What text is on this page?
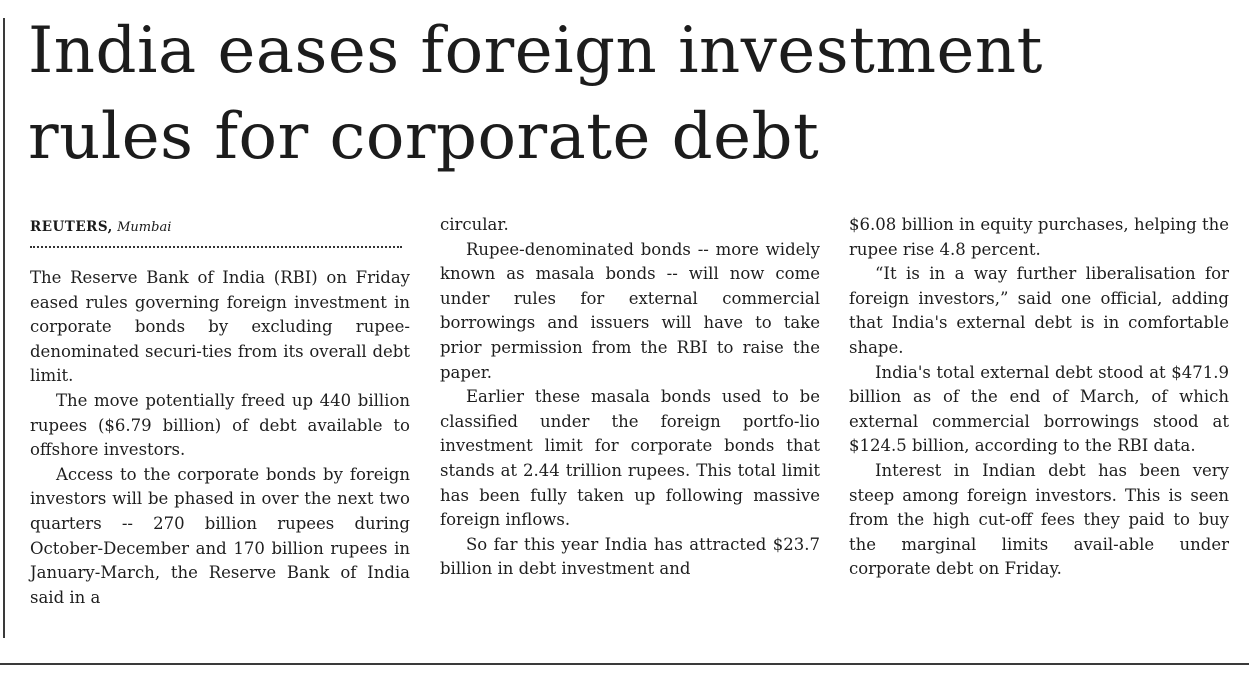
India eases foreign investment
rules for corporate debt
REUTERS, Mumbai

The Reserve Bank of India (RBI) on Friday eased rules governing foreign investment in corporate bonds by excluding rupee-denominated securi-ties from its overall debt limit.

The move potentially freed up 440 billion rupees ($6.79 billion) of debt available to offshore investors.

Access to the corporate bonds by foreign investors will be phased in over the next two quarters -- 270 billion rupees during October-December and 170 billion rupees in January-March, the Reserve Bank of India said in a

circular.

Rupee-denominated bonds -- more widely known as masala bonds -- will now come under rules for external commercial borrowings and issuers will have to take prior permission from the RBI to raise the paper.

Earlier these masala bonds used to be classified under the foreign portfo-lio investment limit for corporate bonds that stands at 2.44 trillion rupees. This total limit has been fully taken up following massive foreign inflows.

So far this year India has attracted $23.7 billion in debt investment and

$6.08 billion in equity purchases, helping the rupee rise 4.8 percent.

“It is in a way further liberalisation for foreign investors,” said one official, adding that India's external debt is in comfortable shape.

India's total external debt stood at $471.9 billion as of the end of March, of which external commercial borrowings stood at $124.5 billion, according to the RBI data.

Interest in Indian debt has been very steep among foreign investors. This is seen from the high cut-off fees they paid to buy the marginal limits avail-able under corporate debt on Friday.
